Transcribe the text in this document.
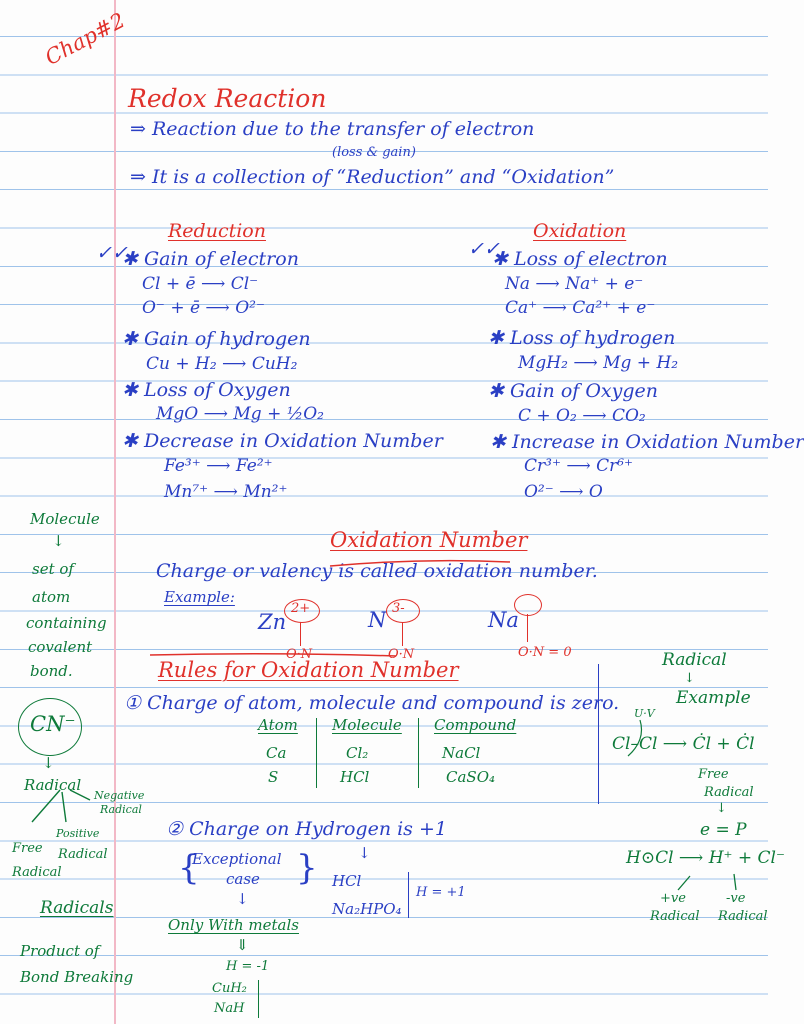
Chap#2
Redox Reaction
⇒ Reaction due to the transfer of electron
(loss & gain)
⇒ It is a collection of “Reduction” and “Oxidation”
Reduction
✓✓
✱ Gain of electron
Cl + ē ⟶ Cl⁻
O⁻ + ē ⟶ O²⁻
✱ Gain of hydrogen
Cu + H₂ ⟶ CuH₂
✱ Loss of Oxygen
MgO ⟶ Mg + ½O₂
✱ Decrease in Oxidation Number
Fe³⁺ ⟶ Fe²⁺
Mn⁷⁺ ⟶ Mn²⁺
Oxidation
✓✓
✱ Loss of electron
Na ⟶ Na⁺ + e⁻
Ca⁺ ⟶ Ca²⁺ + e⁻
✱ Loss of hydrogen
MgH₂ ⟶ Mg + H₂
✱ Gain of Oxygen
C + O₂ ⟶ CO₂
✱ Increase in Oxidation Number
Cr³⁺ ⟶ Cr⁶⁺
O²⁻ ⟶ O
Molecule
↓
set of
atom
containing
covalent
bond.
CN⁻
↓
Radical
Negative
Radical
Positive
Radical
Free
Radical
Radicals
Product of
Bond Breaking
Oxidation Number
Charge or valency is called oxidation number.
Example:
Zn
2+
O·N
N 3-
O·N
Na
O·N = 0
Rules for Oxidation Number
① Charge of atom, molecule and compound is zero.
Atom Molecule Compound
Ca	Cl₂	NaCl
S	HCl	CaSO₄
② Charge on Hydrogen is +1
Exceptional
case
{	}
↓
↓
HCl
Na₂HPO₄
H = +1
Only With metals
⇓
H = -1
CuH₂
NaH
Radical
↓
Example
U·V
Cl–Cl ⟶ Ċl + Ċl
Free
Radical
↓
e = P
H⊙Cl ⟶ H⁺ + Cl⁻
+ve
Radical
-ve
Radical
